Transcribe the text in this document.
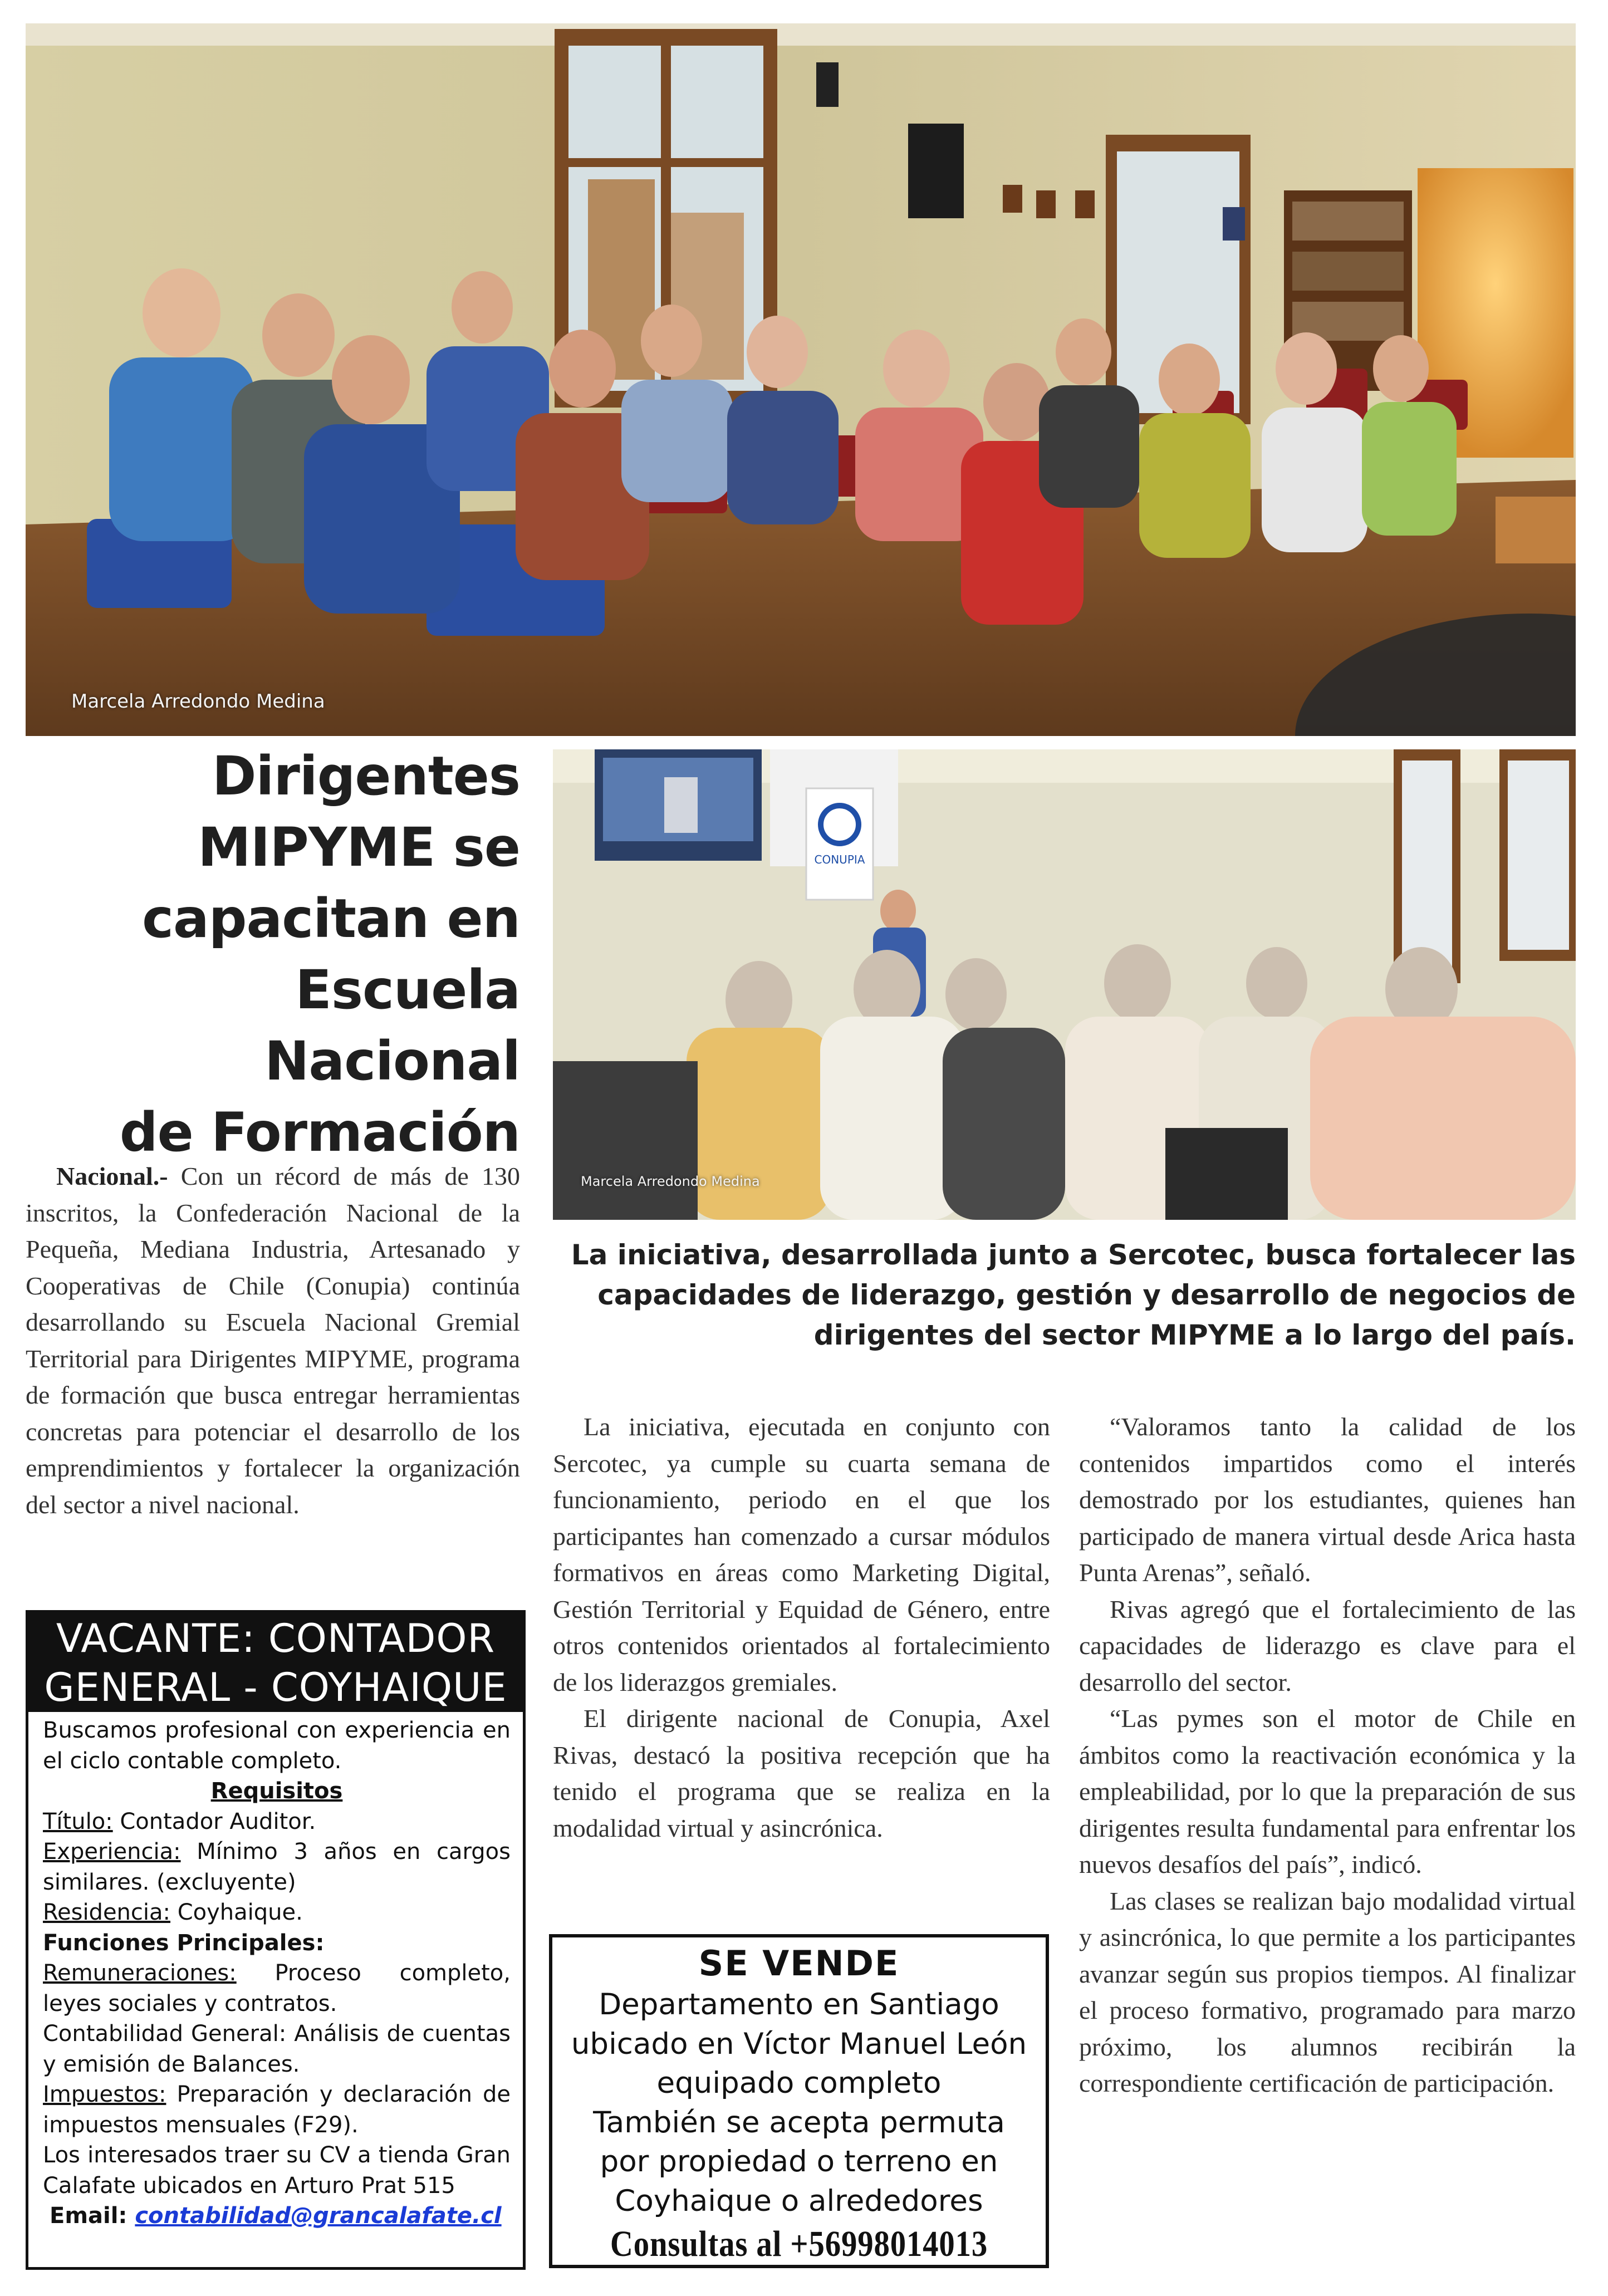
Marcela Arredondo Medina
Dirigentes
MIPYME se
capacitan en
Escuela Nacional
de Formación
CONUPIA
Marcela Arredondo Medina

Nacional.- Con un récord de más de 130 inscritos, la Confederación Nacional de la Pequeña, Mediana Industria, Artesanado y Cooperativas de Chile (Conupia) continúa desarrollando su Escuela Nacional Gremial Territorial para Dirigentes MIPYME, programa de formación que busca entregar herramientas concretas para potenciar el desarrollo de los emprendimientos y fortalecer la organización del sector a nivel nacional.

La iniciativa, desarrollada junto a Sercotec, busca fortalecer las capacidades de liderazgo, gestión y desarrollo de negocios de dirigentes del sector MIPYME a lo largo del país.

La iniciativa, ejecutada en conjunto con Sercotec, ya cumple su cuarta semana de funcionamiento, periodo en el que los participantes han comenzado a cursar módulos formativos en áreas como Marketing Digital, Gestión Territorial y Equidad de Género, entre otros contenidos orientados al fortalecimiento de los liderazgos gremiales.

El dirigente nacional de Conupia, Axel Rivas, destacó la positiva recepción que ha tenido el programa que se realiza en la modalidad virtual y asincrónica.

“Valoramos tanto la calidad de los contenidos impartidos como el interés demostrado por los estudiantes, quienes han participado de manera virtual desde Arica hasta Punta Arenas”, señaló.

Rivas agregó que el fortalecimiento de las capacidades de liderazgo es clave para el desarrollo del sector.

“Las pymes son el motor de Chile en ámbitos como la reactivación económica y la empleabilidad, por lo que la preparación de sus dirigentes resulta fundamental para enfrentar los nuevos desafíos del país”, indicó.

Las clases se realizan bajo modalidad virtual y asincrónica, lo que permite a los participantes avanzar según sus propios tiempos. Al finalizar el proceso formativo, programado para marzo próximo, los alumnos recibirán la correspondiente certificación de participación.

VACANTE: CONTADOR
GENERAL - COYHAIQUE
Buscamos profesional con experiencia en el ciclo contable completo.
Requisitos
Título: Contador Auditor.
Experiencia: Mínimo 3 años en cargos similares. (excluyente)
Residencia: Coyhaique.
Funciones Principales:
Remuneraciones: Proceso completo, leyes sociales y contratos.
Contabilidad General: Análisis de cuentas y emisión de Balances.
Impuestos: Preparación y declaración de impuestos mensuales (F29).
Los interesados traer su CV a tienda Gran Calafate ubicados en Arturo Prat 515
Email: contabilidad@grancalafate.cl
SE VENDE
Departamento en Santiago
ubicado en Víctor Manuel León
equipado completo
También se acepta permuta
por propiedad o terreno en
Coyhaique o alrededores
Consultas al +56998014013
